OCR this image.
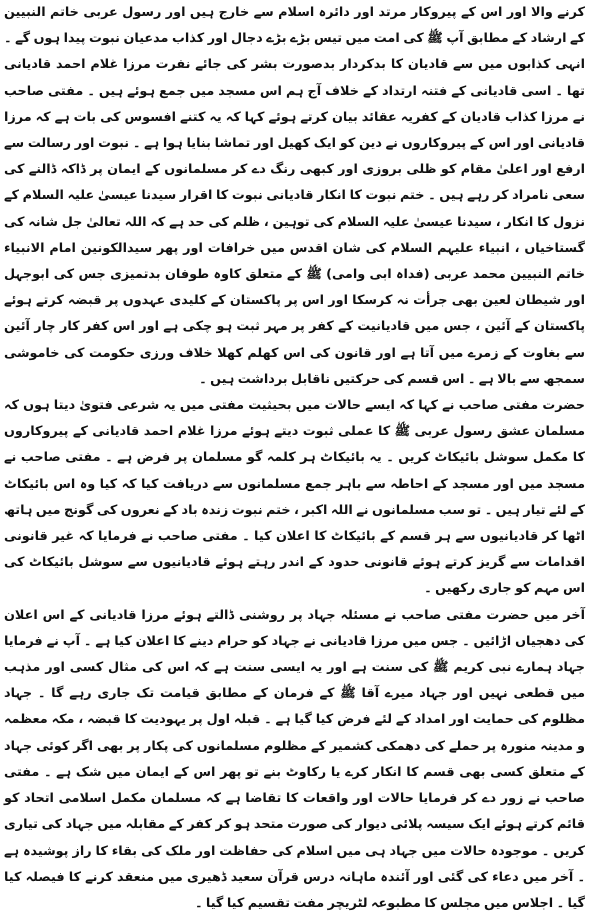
کرنے والا اور اس کے پیروکار مرتد اور دائرہ اسلام سے خارج ہیں اور رسول عربی خاتم النبیین کے ارشاد کے مطابق آپ ﷺ کی امت میں تیس بڑے بڑے دجال اور کذاب مدعیان نبوت پیدا ہوں گے ۔ انہی کذابوں میں سے قادیان کا بدکردار بدصورت بشر کی جائے نفرت مرزا غلام احمد قادیانی تھا ۔ اسی قادیانی کے فتنہ ارتداد کے خلاف آج ہم اس مسجد میں جمع ہوئے ہیں ۔ مفتی صاحب نے مرزا کذاب قادیان کے کفریہ عقائد بیان کرتے ہوئے کہا کہ یہ کتنے افسوس کی بات ہے کہ مرزا قادیانی اور اس کے پیروکاروں نے دین کو ایک کھیل اور تماشا بنایا ہوا ہے ۔ نبوت اور رسالت سے ارفع اور اعلیٰ مقام کو ظلی بروزی اور کبھی رنگ دے کر مسلمانوں کے ایمان پر ڈاکہ ڈالنے کی سعی نامراد کر رہے ہیں ۔ ختم نبوت کا انکار قادیانی نبوت کا اقرار سیدنا عیسیٰ علیہ السلام کے نزول کا انکار ، سیدنا عیسیٰ علیہ السلام کی توہین ، ظلم کی حد ہے کہ اللہ تعالیٰ جل شانہ کی گستاخیاں ، انبیاء علیہم السلام کی شان اقدس میں خرافات اور پھر سیدالکونین امام الانبیاء خاتم النبیین محمد عربی (فداہ ابی وامی) ﷺ کے متعلق کاوہ طوفان بدتمیزی جس کی ابوجہل اور شیطان لعین بھی جرأت نہ کرسکا اور اس پر پاکستان کے کلیدی عہدوں پر قبضہ کرتے ہوئے پاکستان کے آئین ، جس میں قادیانیت کے کفر پر مہر ثبت ہو چکی ہے اور اس کفر کار چار آئین سے بغاوت کے زمرے میں آتا ہے اور قانون کی اس کھلم کھلا خلاف ورزی حکومت کی خاموشی سمجھ سے بالا ہے ۔ اس قسم کی حرکتیں ناقابل برداشت ہیں ۔

حضرت مفتی صاحب نے کہا کہ ایسے حالات میں بحیثیت مفتی میں یہ شرعی فتویٰ دیتا ہوں کہ مسلمان عشق رسول عربی ﷺ کا عملی ثبوت دیتے ہوئے مرزا غلام احمد قادیانی کے پیروکاروں کا مکمل سوشل بائیکاٹ کریں ۔ یہ بائیکاٹ ہر کلمہ گو مسلمان پر فرض ہے ۔ مفتی صاحب نے مسجد میں اور مسجد کے احاطہ سے باہر جمع مسلمانوں سے دریافت کیا کہ کیا وہ اس بائیکاٹ کے لئے تیار ہیں ۔ تو سب مسلمانوں نے اللہ اکبر ، ختم نبوت زندہ باد کے نعروں کی گونج میں ہاتھ اٹھا کر قادیانیوں سے ہر قسم کے بائیکاٹ کا اعلان کیا ۔ مفتی صاحب نے فرمایا کہ غیر قانونی اقدامات سے گریز کرتے ہوئے قانونی حدود کے اندر رہتے ہوئے قادیانیوں سے سوشل بائیکاٹ کی اس مہم کو جاری رکھیں ۔

آخر میں حضرت مفتی صاحب نے مسئلہ جہاد پر روشنی ڈالتے ہوئے مرزا قادیانی کے اس اعلان کی دھجیاں اڑائیں ۔ جس میں مرزا قادیانی نے جہاد کو حرام دینے کا اعلان کیا ہے ۔ آپ نے فرمایا جہاد ہمارے نبی کریم ﷺ کی سنت ہے اور یہ ایسی سنت ہے کہ اس کی مثال کسی اور مذہب میں قطعی نہیں اور جہاد میرے آقا ﷺ کے فرمان کے مطابق قیامت تک جاری رہے گا ۔ جہاد مظلوم کی حمایت اور امداد کے لئے فرض کیا گیا ہے ۔ قبلہ اول پر یہودیت کا قبضہ ، مکہ معظمہ و مدینہ منورہ پر حملے کی دھمکی کشمیر کے مظلوم مسلمانوں کی پکار پر بھی اگر کوئی جہاد کے متعلق کسی بھی قسم کا انکار کرے یا رکاوٹ بنے تو پھر اس کے ایمان میں شک ہے ۔ مفتی صاحب نے زور دے کر فرمایا حالات اور واقعات کا تقاضا ہے کہ مسلمان مکمل اسلامی اتحاد کو قائم کرتے ہوئے ایک سیسہ پلائی دیوار کی صورت متحد ہو کر کفر کے مقابلہ میں جہاد کی تیاری کریں ۔ موجودہ حالات میں جہاد ہی میں اسلام کی حفاظت اور ملک کی بقاء کا راز پوشیدہ ہے ۔ آخر میں دعاء کی گئی اور آئندہ ماہانہ درس قرآن سعید ڈھیری میں منعقد کرنے کا فیصلہ کیا گیا ۔ اجلاس میں مجلس کا مطبوعہ لٹریچر مفت تقسیم کیا گیا ۔
